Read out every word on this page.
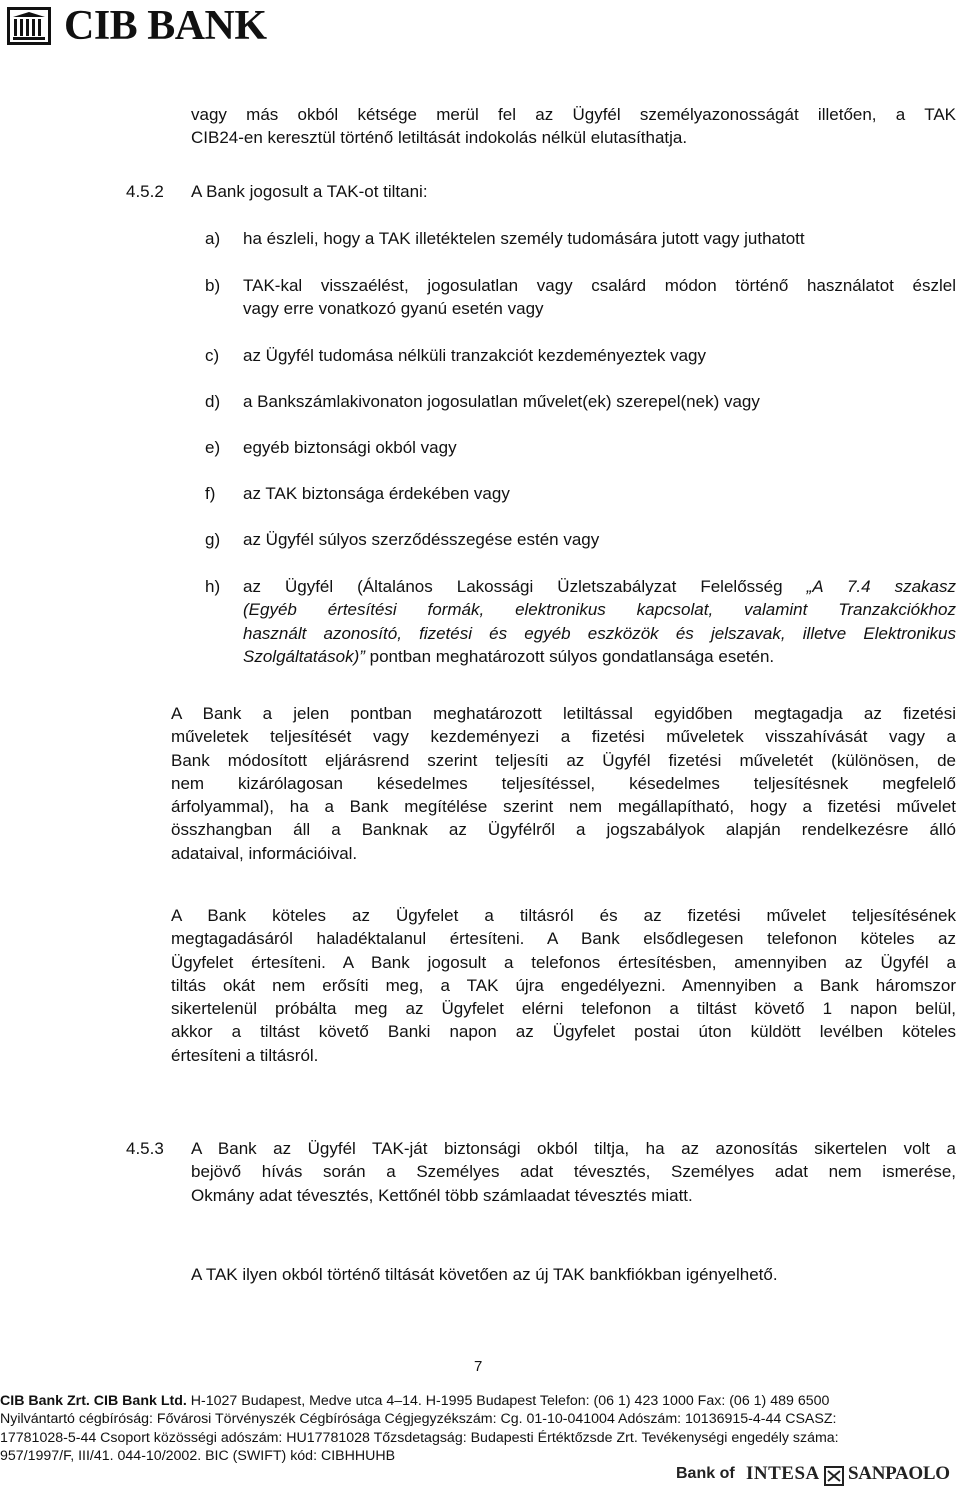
CIB BANK
vagy más okból kétsége merül fel az Ügyfél személyazonosságát illetően, a TAK
CIB24-en keresztül történő letiltását indokolás nélkül elutasíthatja.
4.5.2 A Bank jogosult a TAK-ot tiltani:
a) ha észleli, hogy a TAK illetéktelen személy tudomására jutott vagy juthatott
b) TAK-kal visszaélést, jogosulatlan vagy csalárd módon történő használatot észlel
vagy erre vonatkozó gyanú esetén vagy
c) az Ügyfél tudomása nélküli tranzakciót kezdeményeztek vagy
d) a Bankszámlakivonaton jogosulatlan művelet(ek) szerepel(nek) vagy
e) egyéb biztonsági okból vagy
f) az TAK biztonsága érdekében vagy
g) az Ügyfél súlyos szerződésszegése estén vagy
h) az Ügyfél (Általános Lakossági Üzletszabályzat Felelősség „A 7.4 szakasz
(Egyéb értesítési formák, elektronikus kapcsolat, valamint Tranzakciókhoz
használt azonosító, fizetési és egyéb eszközök és jelszavak, illetve Elektronikus
Szolgáltatások)” pontban meghatározott súlyos gondatlansága esetén.
A Bank a jelen pontban meghatározott letiltással egyidőben megtagadja az fizetési
műveletek teljesítését vagy kezdeményezi a fizetési műveletek visszahívását vagy a
Bank módosított eljárásrend szerint teljesíti az Ügyfél fizetési műveletét (különösen, de
nem kizárólagosan késedelmes teljesítéssel, késedelmes teljesítésnek megfelelő
árfolyammal), ha a Bank megítélése szerint nem megállapítható, hogy a fizetési művelet
összhangban áll a Banknak az Ügyfélről a jogszabályok alapján rendelkezésre álló
adataival, információival.
A Bank köteles az Ügyfelet a tiltásról és az fizetési művelet teljesítésének
megtagadásáról haladéktalanul értesíteni. A Bank elsődlegesen telefonon köteles az
Ügyfelet értesíteni. A Bank jogosult a telefonos értesítésben, amennyiben az Ügyfél a
tiltás okát nem erősíti meg, a TAK újra engedélyezni. Amennyiben a Bank háromszor
sikertelenül próbálta meg az Ügyfelet elérni telefonon a tiltást követő 1 napon belül,
akkor a tiltást követő Banki napon az Ügyfelet postai úton küldött levélben köteles
értesíteni a tiltásról.
4.5.3 A Bank az Ügyfél TAK-ját biztonsági okból tiltja, ha az azonosítás sikertelen volt a
bejövő hívás során a Személyes adat tévesztés, Személyes adat nem ismerése,
Okmány adat tévesztés, Kettőnél több számlaadat tévesztés miatt.
A TAK ilyen okból történő tiltását követően az új TAK bankfiókban igényelhető.
7
CIB Bank Zrt. CIB Bank Ltd. H-1027 Budapest, Medve utca 4–14. H-1995 Budapest Telefon: (06 1) 423 1000 Fax: (06 1) 489 6500
Nyilvántartó cégbíróság: Fővárosi Törvényszék Cégbírósága Cégjegyzékszám: Cg. 01-10-041004 Adószám: 10136915-4-44 CSASZ:
17781028-5-44 Csoport közösségi adószám: HU17781028 Tőzsdetagság: Budapesti Értéktőzsde Zrt. Tevékenységi engedély száma:
957/1997/F, III/41. 044-10/2002. BIC (SWIFT) kód: CIBHHUHB
Bank of INTESA SANPAOLO
